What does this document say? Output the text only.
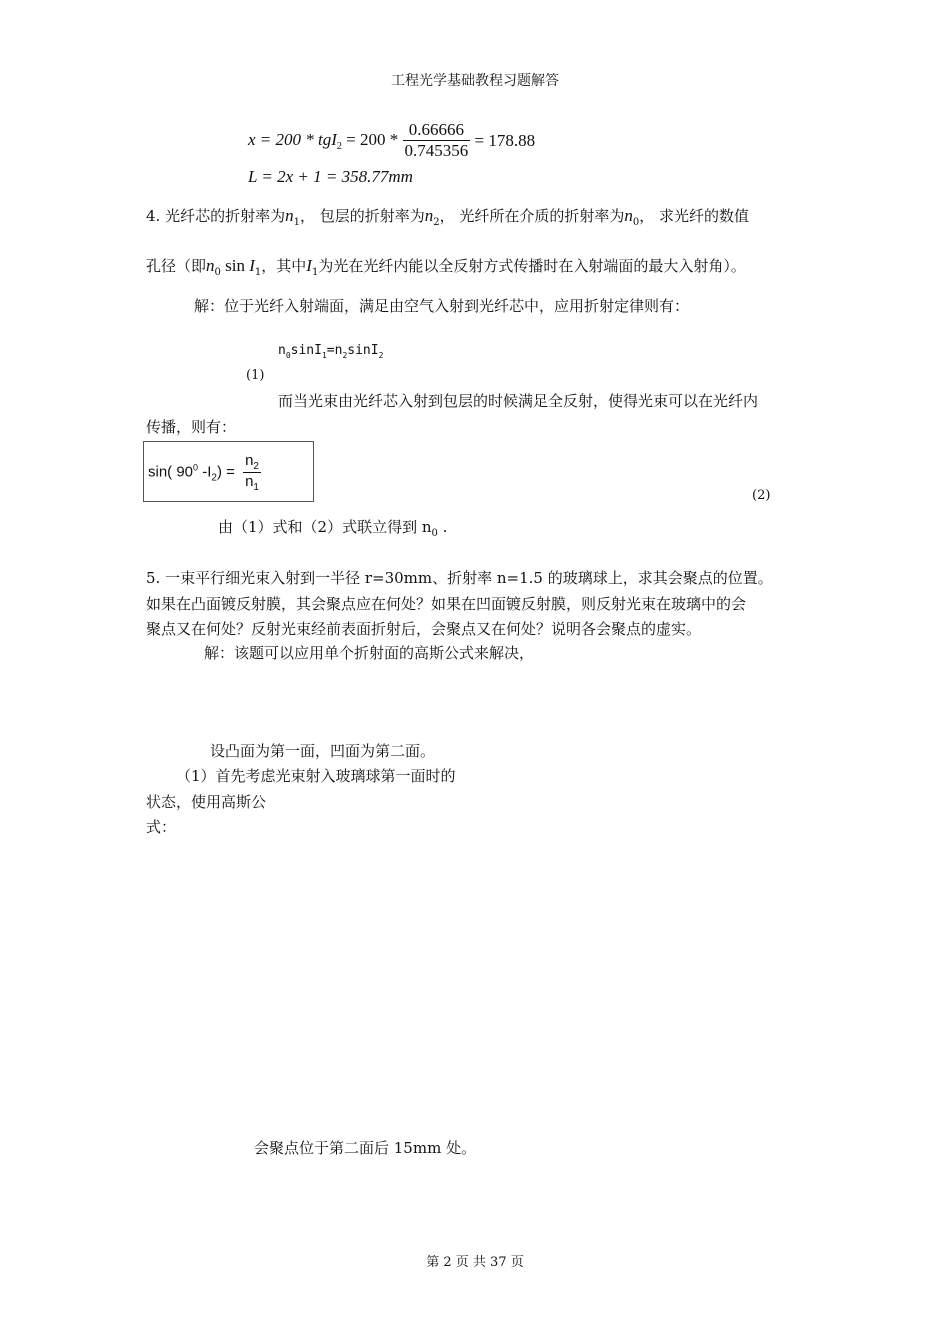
工程光学基础教程习题解答
$x = 200 * tgI_2 = 200 * \frac{0.66666}{0.745356} = 178.88$
L = 2x + 1 = 358.77mm
4. 光纤芯的折射率为$n_1$， 包层的折射率为$n_2$， 光纤所在介质的折射率为$n_0$， 求光纤的数值
孔径（即$n_0$ $\sin I_1$，其中$I_1$为光在光纤内能以全反射方式传播时在入射端面的最大入射角）。
解：位于光纤入射端面，满足由空气入射到光纤芯中，应用折射定律则有：
$n_0\sin I_1=n_2\sin I_2$
(1)
而当光束由光纤芯入射到包层的时候满足全反射，使得光束可以在光纤内
传播，则有：
sin( $90^0$ $-I_2) = \frac{n_2}{n_1}$
(2)
由（1）式和（2）式联立得到 $n_0$ .
5. 一束平行细光束入射到一半径 r=30mm、折射率 n=1.5 的玻璃球上，求其会聚点的位置。
如果在凸面镀反射膜，其会聚点应在何处？如果在凹面镀反射膜，则反射光束在玻璃中的会
聚点又在何处？反射光束经前表面折射后，会聚点又在何处？说明各会聚点的虚实。
解：该题可以应用单个折射面的高斯公式来解决，
设凸面为第一面，凹面为第二面。
（1）首先考虑光束射入玻璃球第一面时的
状态，使用高斯公
式：
会聚点位于第二面后 15mm 处。
第 2 页 共 37 页
